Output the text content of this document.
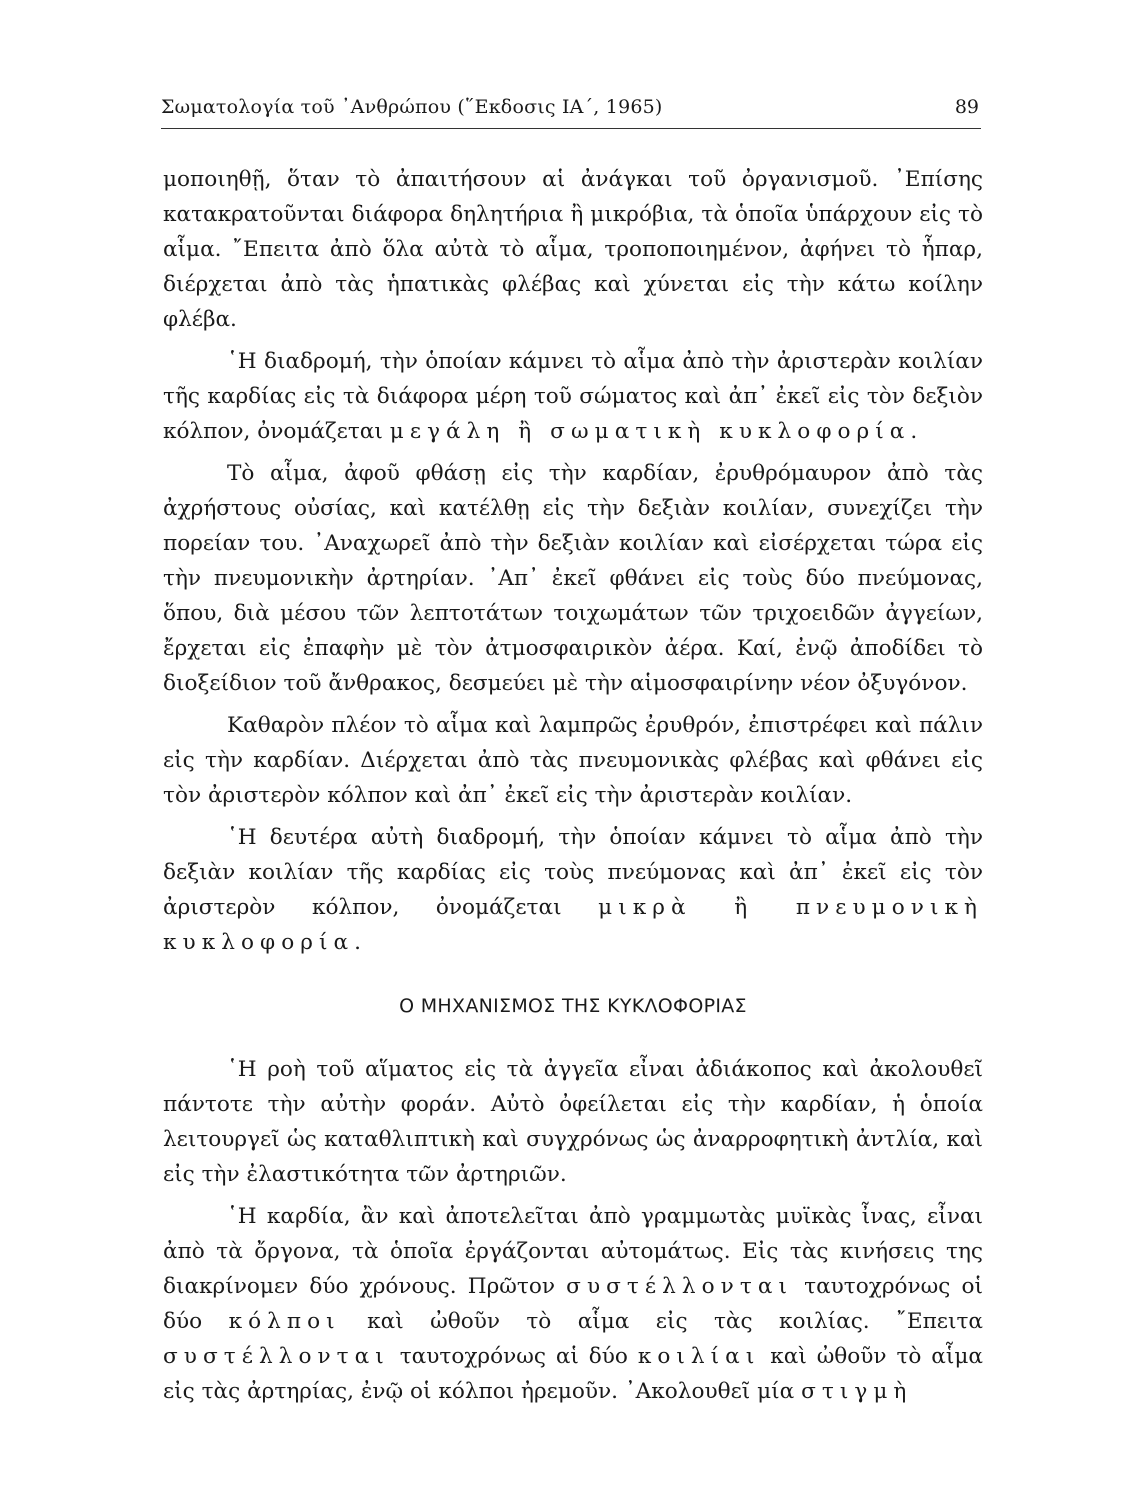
Σωματολογία τοῦ ᾿Ανθρώπου (῞Εκδοσις ΙΑ΄, 1965)	89

μοποιηθῇ, ὅταν τὸ ἀπαιτήσουν αἱ ἀνάγκαι τοῦ ὀργανισμοῦ. ᾿Επίσης κατακρατοῦνται διάφορα δηλητήρια ἢ μικρόβια, τὰ ὁποῖα ὑπάρχουν εἰς τὸ αἷμα. ῎Επειτα ἀπὸ ὅλα αὐτὰ τὸ αἷμα, τροποποιημένον, ἀφήνει τὸ ἧπαρ, διέρχεται ἀπὸ τὰς ἡπατικὰς φλέβας καὶ χύνεται εἰς τὴν κάτω κοίλην φλέβα.

῾Η διαδρομή, τὴν ὁποίαν κάμνει τὸ αἷμα ἀπὸ τὴν ἀριστερὰν κοιλίαν τῆς καρδίας εἰς τὰ διάφορα μέρη τοῦ σώματος καὶ ἀπ᾿ ἐκεῖ εἰς τὸν δεξιὸν κόλπον, ὀνομάζεται μεγάλη ἢ σωματικὴ κυκλοφορία.

Τὸ αἷμα, ἀφοῦ φθάσῃ εἰς τὴν καρδίαν, ἐρυθρόμαυρον ἀπὸ τὰς ἀχρήστους οὐσίας, καὶ κατέλθῃ εἰς τὴν δεξιὰν κοιλίαν, συνεχίζει τὴν πορείαν του. ᾿Αναχωρεῖ ἀπὸ τὴν δεξιὰν κοιλίαν καὶ εἰσέρχεται τώρα εἰς τὴν πνευμονικὴν ἀρτηρίαν. ᾿Απ᾿ ἐκεῖ φθάνει εἰς τοὺς δύο πνεύμονας, ὅπου, διὰ μέσου τῶν λεπτοτάτων τοιχωμάτων τῶν τριχοειδῶν ἀγγείων, ἔρχεται εἰς ἐπαφὴν μὲ τὸν ἀτμοσφαιρικὸν ἀέρα. Καί, ἐνῷ ἀποδίδει τὸ διοξείδιον τοῦ ἄνθρακος, δεσμεύει μὲ τὴν αἱμοσφαιρίνην νέον ὀξυγόνον.

Καθαρὸν πλέον τὸ αἷμα καὶ λαμπρῶς ἐρυθρόν, ἐπιστρέφει καὶ πάλιν εἰς τὴν καρδίαν. Διέρχεται ἀπὸ τὰς πνευμονικὰς φλέβας καὶ φθάνει εἰς τὸν ἀριστερὸν κόλπον καὶ ἀπ᾿ ἐκεῖ εἰς τὴν ἀριστερὰν κοιλίαν.

῾Η δευτέρα αὐτὴ διαδρομή, τὴν ὁποίαν κάμνει τὸ αἷμα ἀπὸ τὴν δεξιὰν κοιλίαν τῆς καρδίας εἰς τοὺς πνεύμονας καὶ ἀπ᾿ ἐκεῖ εἰς τὸν ἀριστερὸν κόλπον, ὀνομάζεται μικρὰ ἢ πνευμονικὴ κυκλοφορία.

Ο ΜΗΧΑΝΙΣΜΟΣ ΤΗΣ ΚΥΚΛΟΦΟΡΙΑΣ

῾Η ροὴ τοῦ αἵματος εἰς τὰ ἀγγεῖα εἶναι ἀδιάκοπος καὶ ἀκολουθεῖ πάντοτε τὴν αὐτὴν φοράν. Αὐτὸ ὀφείλεται εἰς τὴν καρδίαν, ἡ ὁποία λειτουργεῖ ὡς καταθλιπτικὴ καὶ συγχρόνως ὡς ἀναρροφητικὴ ἀντλία, καὶ εἰς τὴν ἐλαστικότητα τῶν ἀρτηριῶν.

῾Η καρδία, ἂν καὶ ἀποτελεῖται ἀπὸ γραμμωτὰς μυϊκὰς ἶνας, εἶναι ἀπὸ τὰ ὄργονα, τὰ ὁποῖα ἐργάζονται αὐτομάτως. Εἰς τὰς κινήσεις της διακρίνομεν δύο χρόνους. Πρῶτον συστέλλονται ταυτοχρόνως οἱ δύο κόλποι καὶ ὠθοῦν τὸ αἷμα εἰς τὰς κοιλίας. ῎Επειτα συστέλλονται ταυτοχρόνως αἱ δύο κοιλίαι καὶ ὠθοῦν τὸ αἷμα εἰς τὰς ἀρτηρίας, ἐνῷ οἱ κόλποι ἠρεμοῦν. ᾿Ακολουθεῖ μία στιγμὴ
